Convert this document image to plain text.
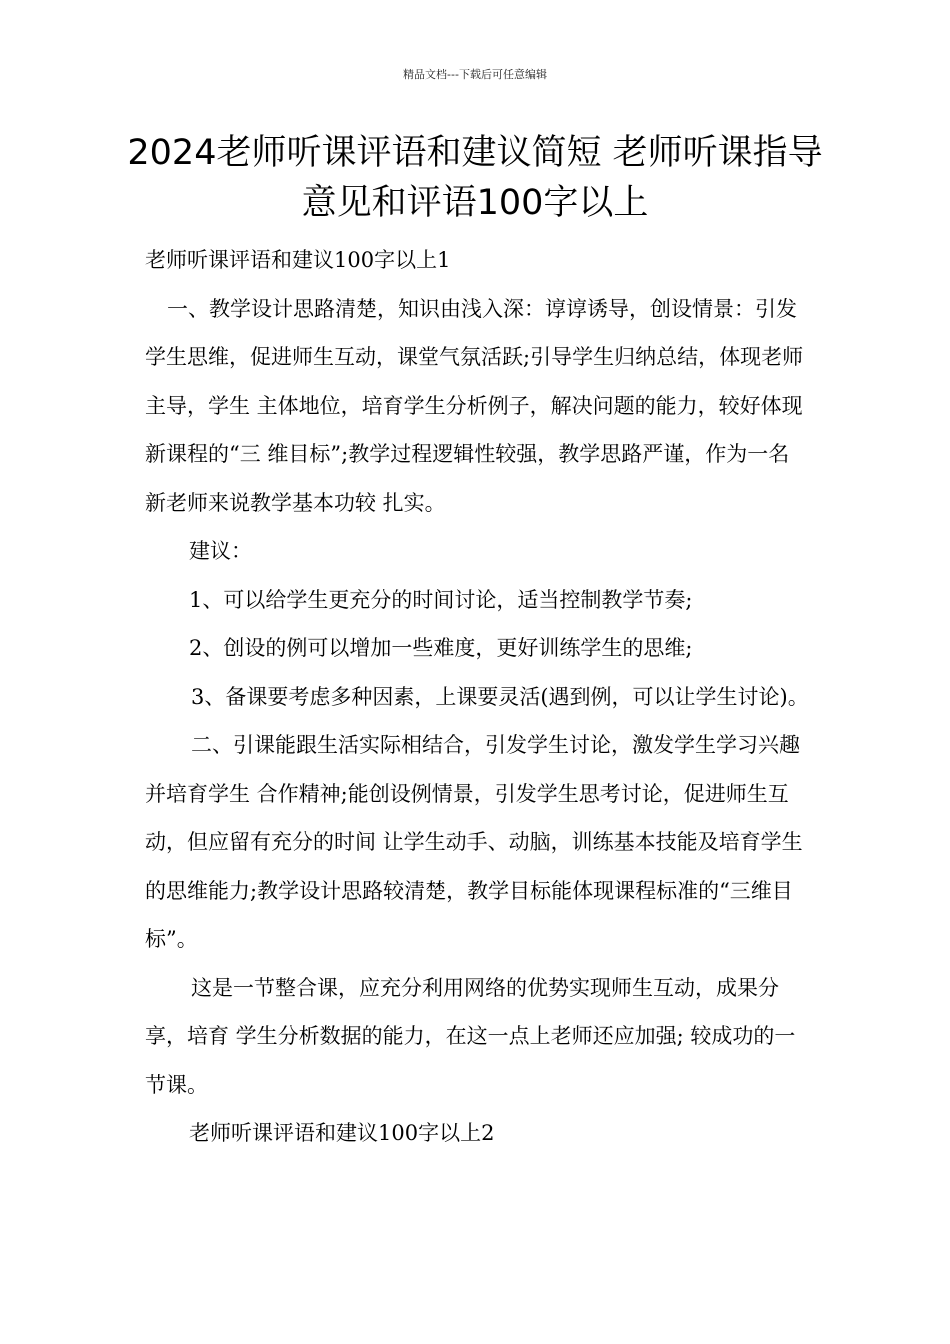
精品文档---下载后可任意编辑
2024老师听课评语和建议简短 老师听课指导意见和评语100字以上

老师听课评语和建议100字以上1

一、教学设计思路清楚，知识由浅入深：谆谆诱导，创设情景：引发学生思维，促进师生互动，课堂气氛活跃;引导学生归纳总结，体现老师主导，学生 主体地位，培育学生分析例子，解决问题的能力，较好体现新课程的“三 维目标”;教学过程逻辑性较强，教学思路严谨，作为一名新老师来说教学基本功较 扎实。

建议：

1、可以给学生更充分的时间讨论，适当控制教学节奏;

2、创设的例可以增加一些难度，更好训练学生的思维;

3、备课要考虑多种因素，上课要灵活(遇到例，可以让学生讨论)。

二、引课能跟生活实际相结合，引发学生讨论，激发学生学习兴趣并培育学生 合作精神;能创设例情景，引发学生思考讨论，促进师生互动，但应留有充分的时间 让学生动手、动脑，训练基本技能及培育学生的思维能力;教学设计思路较清楚，教学目标能体现课程标准的“三维目标”。

这是一节整合课，应充分利用网络的优势实现师生互动，成果分享，培育 学生分析数据的能力，在这一点上老师还应加强; 较成功的一节课。

老师听课评语和建议100字以上2
